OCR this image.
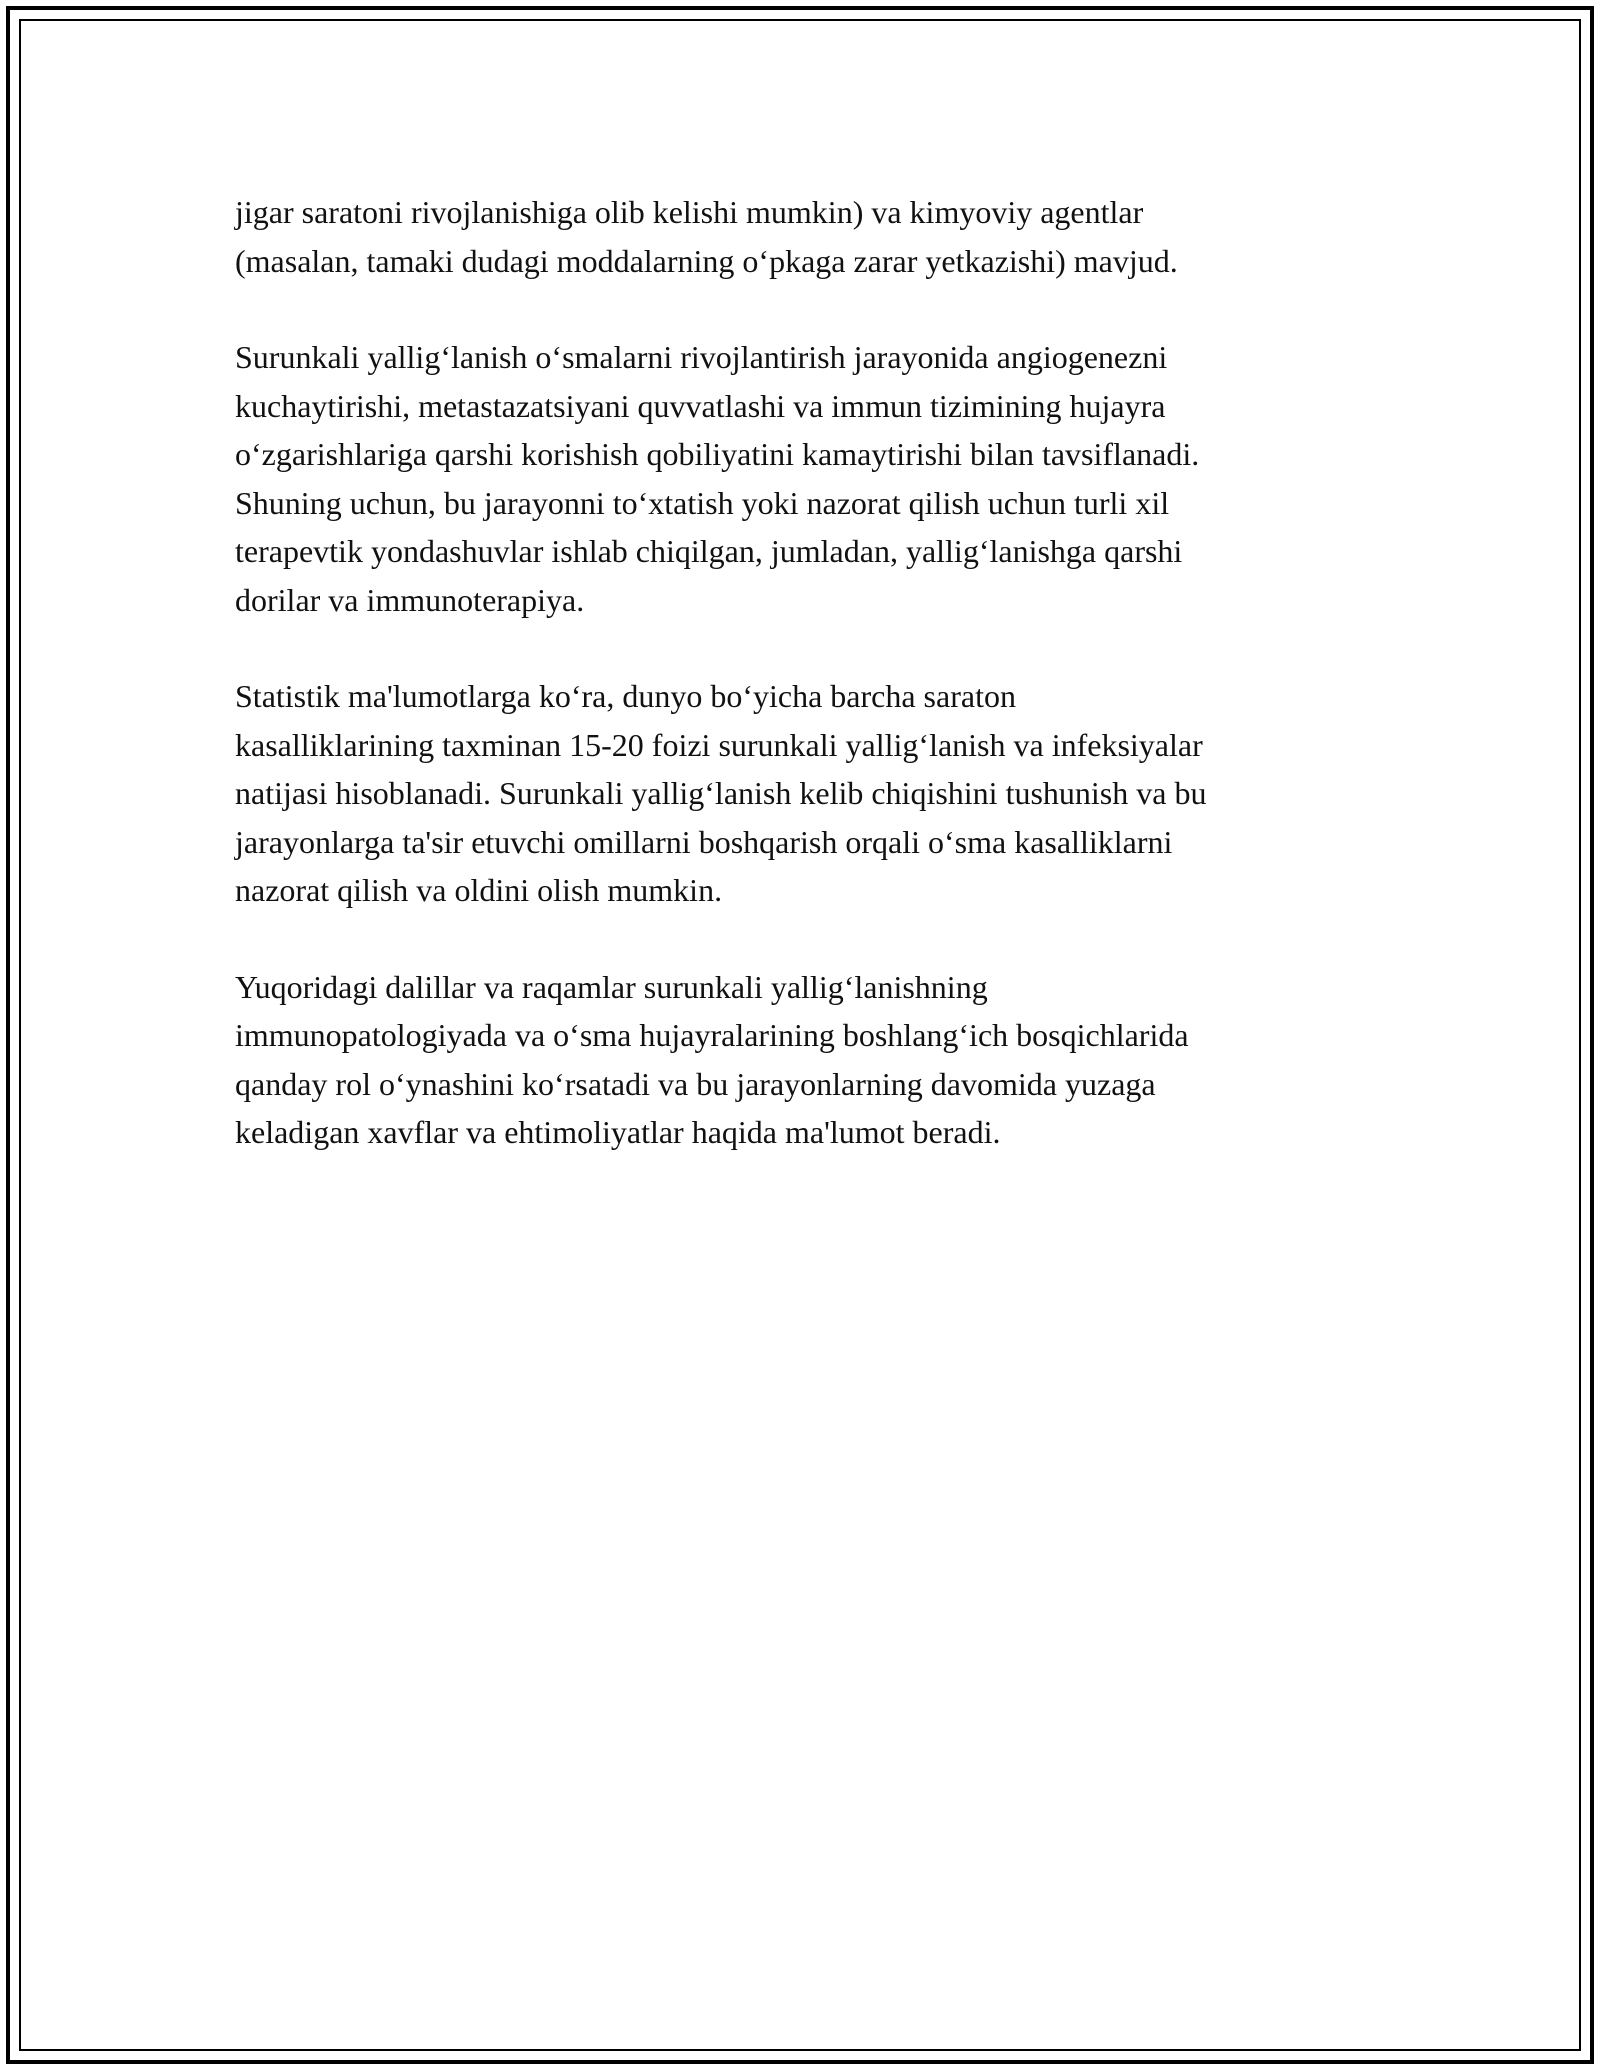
jigar saratoni rivojlanishiga olib kelishi mumkin) va kimyoviy agentlar
(masalan, tamaki dudagi moddalarning o‘pkaga zarar yetkazishi) mavjud.

Surunkali yallig‘lanish o‘smalarni rivojlantirish jarayonida angiogenezni
kuchaytirishi, metastazatsiyani quvvatlashi va immun tizimining hujayra
o‘zgarishlariga qarshi korishish qobiliyatini kamaytirishi bilan tavsiflanadi.
Shuning uchun, bu jarayonni to‘xtatish yoki nazorat qilish uchun turli xil
terapevtik yondashuvlar ishlab chiqilgan, jumladan, yallig‘lanishga qarshi
dorilar va immunoterapiya.

Statistik ma'lumotlarga ko‘ra, dunyo bo‘yicha barcha saraton
kasalliklarining taxminan 15-20 foizi surunkali yallig‘lanish va infeksiyalar
natijasi hisoblanadi. Surunkali yallig‘lanish kelib chiqishini tushunish va bu
jarayonlarga ta'sir etuvchi omillarni boshqarish orqali o‘sma kasalliklarni
nazorat qilish va oldini olish mumkin.

Yuqoridagi dalillar va raqamlar surunkali yallig‘lanishning
immunopatologiyada va o‘sma hujayralarining boshlang‘ich bosqichlarida
qanday rol o‘ynashini ko‘rsatadi va bu jarayonlarning davomida yuzaga
keladigan xavflar va ehtimoliyatlar haqida ma'lumot beradi.
